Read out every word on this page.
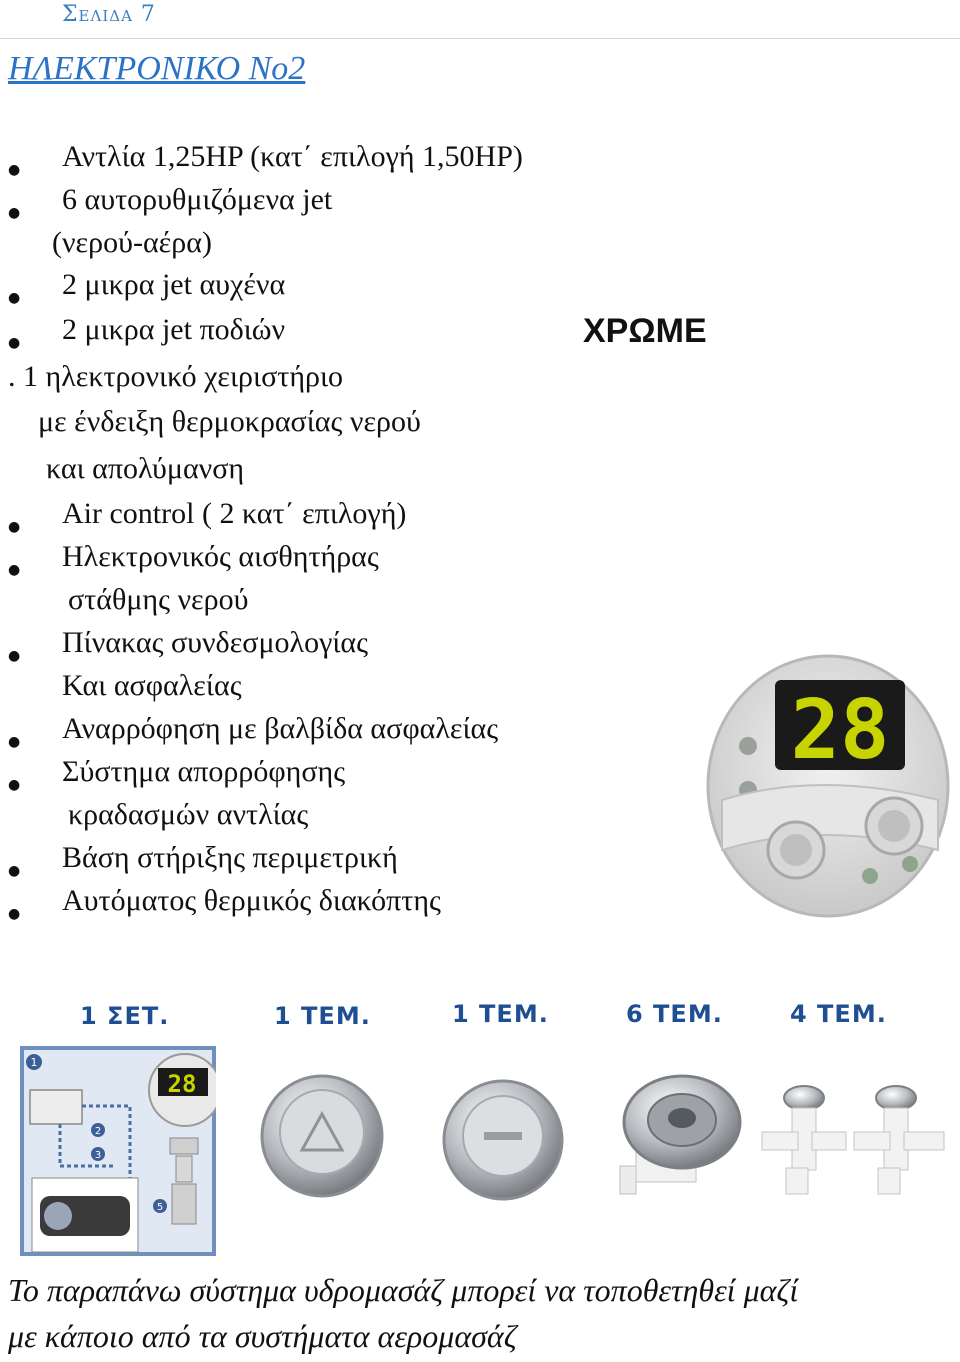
Σελιδα 7
ΗΛΕΚΤΡΟΝΙΚΟ Νο2
● Αντλία 1,25HP (κατ΄ επιλογή 1,50HP)
● 6 αυτορυθμιζόμενα jet
(νερού-αέρα)
● 2 μικρα jet αυχένα
● 2 μικρα jet ποδιών
. 1 ηλεκτρονικό χειριστήριο
με ένδειξη θερμοκρασίας νερού
και απολύμανση
● Air control ( 2 κατ΄ επιλογή)
● Ηλεκτρονικός αισθητήρας
στάθμης νερού
● Πίνακας συνδεσμολογίας
Και ασφαλείας
● Αναρρόφηση με βαλβίδα ασφαλείας
● Σύστημα απορρόφησης
κραδασμών αντλίας
● Βάση στήριξης περιμετρική
● Αυτόματος θερμικός διακόπτης
ΧΡΩΜΕ
28
1 ΣΕΤ.	1 ΤΕΜ.	1 ΤΕΜ.	6 ΤΕΜ.	4 ΤΕΜ.
28
1
2
3
5
Το παραπάνω σύστημα υδρομασάζ μπορεί να τοποθετηθεί μαζί
με κάποιο από τα συστήματα αερομασάζ
